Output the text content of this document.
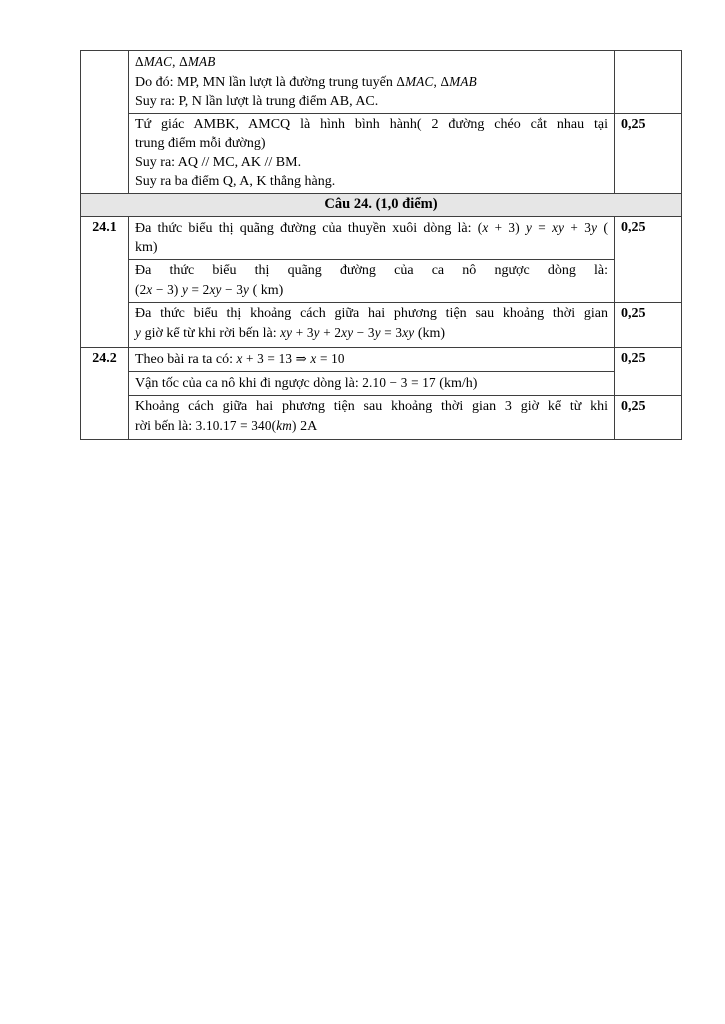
	ΔMAC, ΔMAB
Do đó: MP, MN lần lượt là đường trung tuyến ΔMAC, ΔMAB
Suy ra: P, N lần lượt là trung điểm AB, AC.	

	Tứ giác AMBK, AMCQ là hình bình hành( 2 đường chéo cắt nhau tại
trung điểm mỗi đường)
Suy ra: AQ // MC, AK // BM.
Suy ra ba điểm Q, A, K thẳng hàng.	0,25
Câu 24. (1,0 điểm)		
24.1	Đa thức biểu thị quãng đường của thuyền xuôi dòng là: (x + 3) y = xy + 3y (
km)	0,25

	Đa thức biểu thị quãng đường của ca nô ngược dòng là:
(2x − 3) y = 2xy − 3y ( km)	

	Đa thức biểu thị khoảng cách giữa hai phương tiện sau khoảng thời gian
y giờ kể từ khi rời bến là: xy + 3y + 2xy − 3y = 3xy (km)	0,25
24.2	Theo bài ra ta có: x + 3 = 13 ⇒ x = 10	0,25

	Vận tốc của ca nô khi đi ngược dòng là: 2.10 − 3 = 17 (km/h)	

	Khoảng cách giữa hai phương tiện sau khoảng thời gian 3 giờ kể từ khi
rời bến là: 3.10.17 = 340(km) 2A	0,25
